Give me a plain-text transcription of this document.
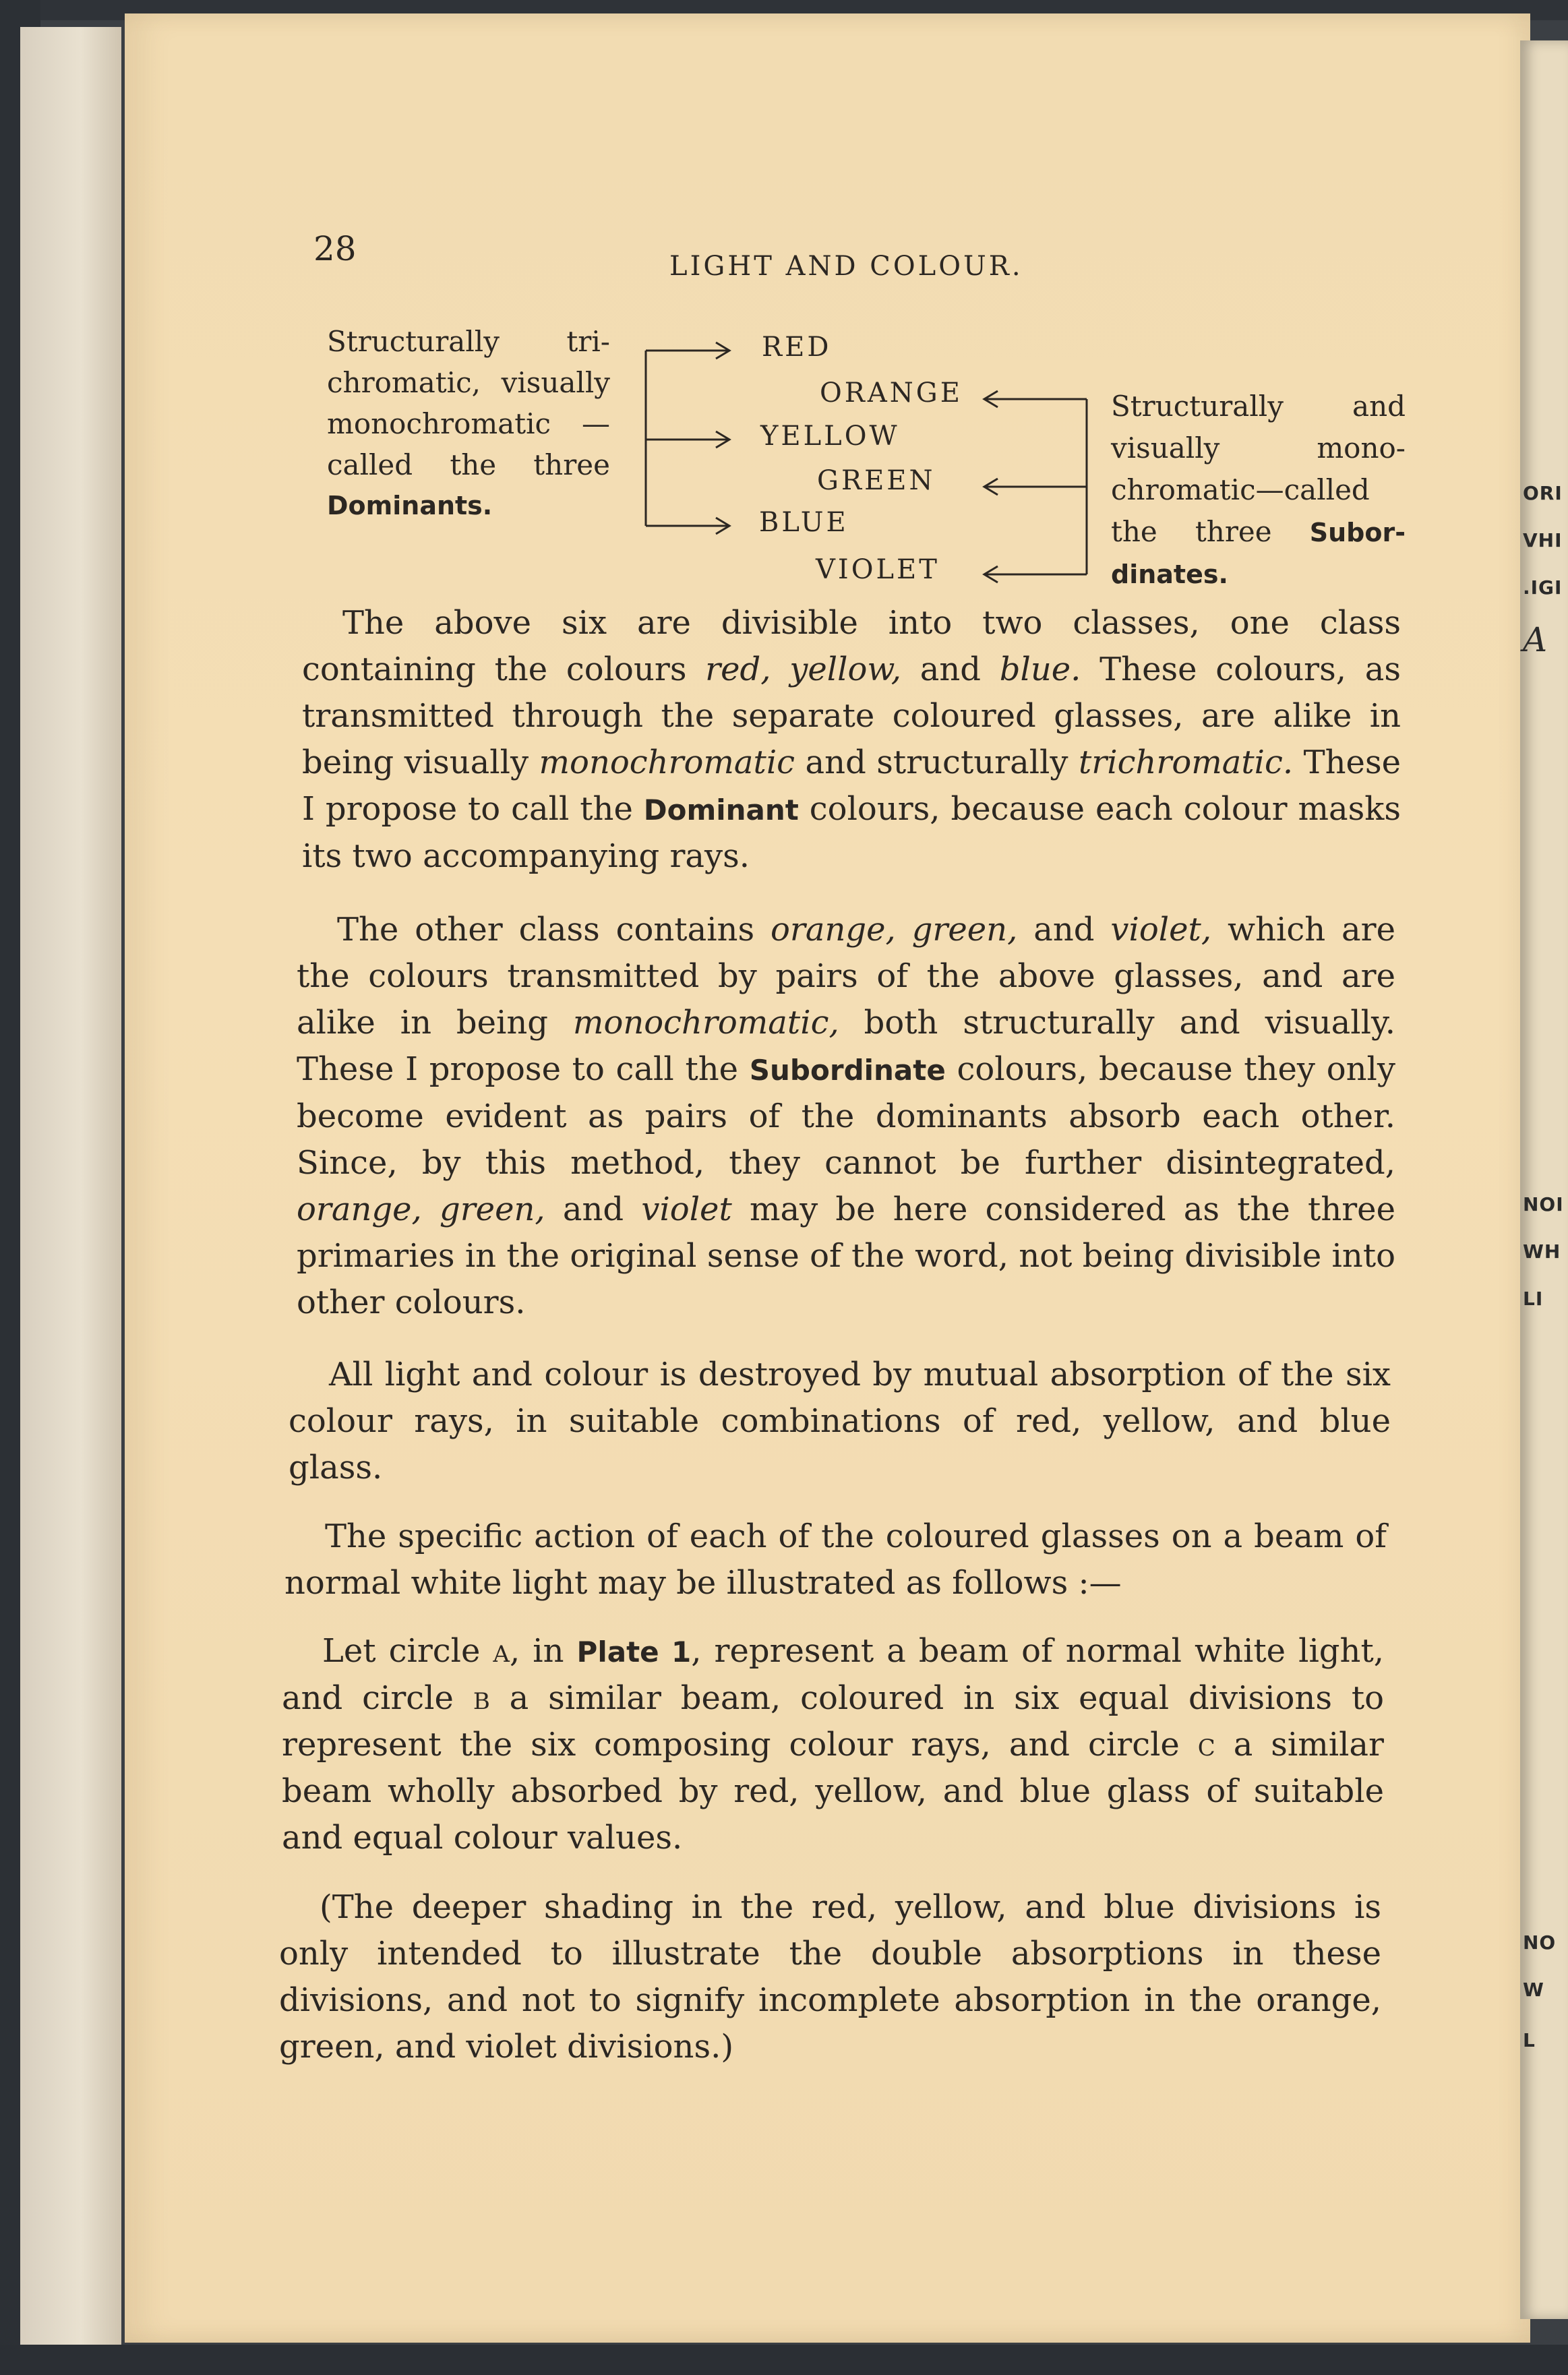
ORI
VHI
.IGI
A
NOI
WH
LI
NO
W
L
28	LIGHT AND COLOUR.
Structurally tri-
chromatic, visually
monochromatic —
called the three
Dominants.
RED
ORANGE
YELLOW
GREEN
BLUE
VIOLET
Structurally and
visually mono-
chromatic—called
the three Subor-
dinates.
The above six are divisible into two classes, one class containing the colours red, yellow, and blue. These colours, as transmitted through the separate coloured glasses, are alike in being visually monochromatic and structurally trichromatic. These I propose to call the Dominant colours, because each colour masks its two accompanying rays.
The other class contains orange, green, and violet, which are the colours transmitted by pairs of the above glasses, and are alike in being monochromatic, both structurally and visually. These I propose to call the Subordinate colours, because they only become evident as pairs of the dominants absorb each other. Since, by this method, they cannot be further disintegrated, orange, green, and violet may be here considered as the three primaries in the original sense of the word, not being divisible into other colours.
All light and colour is destroyed by mutual absorption of the six colour rays, in suitable combinations of red, yellow, and blue glass.
The specific action of each of the coloured glasses on a beam of normal white light may be illustrated as follows :—
Let circle a, in Plate 1, represent a beam of normal white light, and circle b a similar beam, coloured in six equal divisions to represent the six composing colour rays, and circle c a similar beam wholly absorbed by red, yellow, and blue glass of suitable and equal colour values.
(The deeper shading in the red, yellow, and blue divisions is only intended to illustrate the double absorptions in these divisions, and not to signify incomplete absorption in the orange, green, and violet divisions.)
